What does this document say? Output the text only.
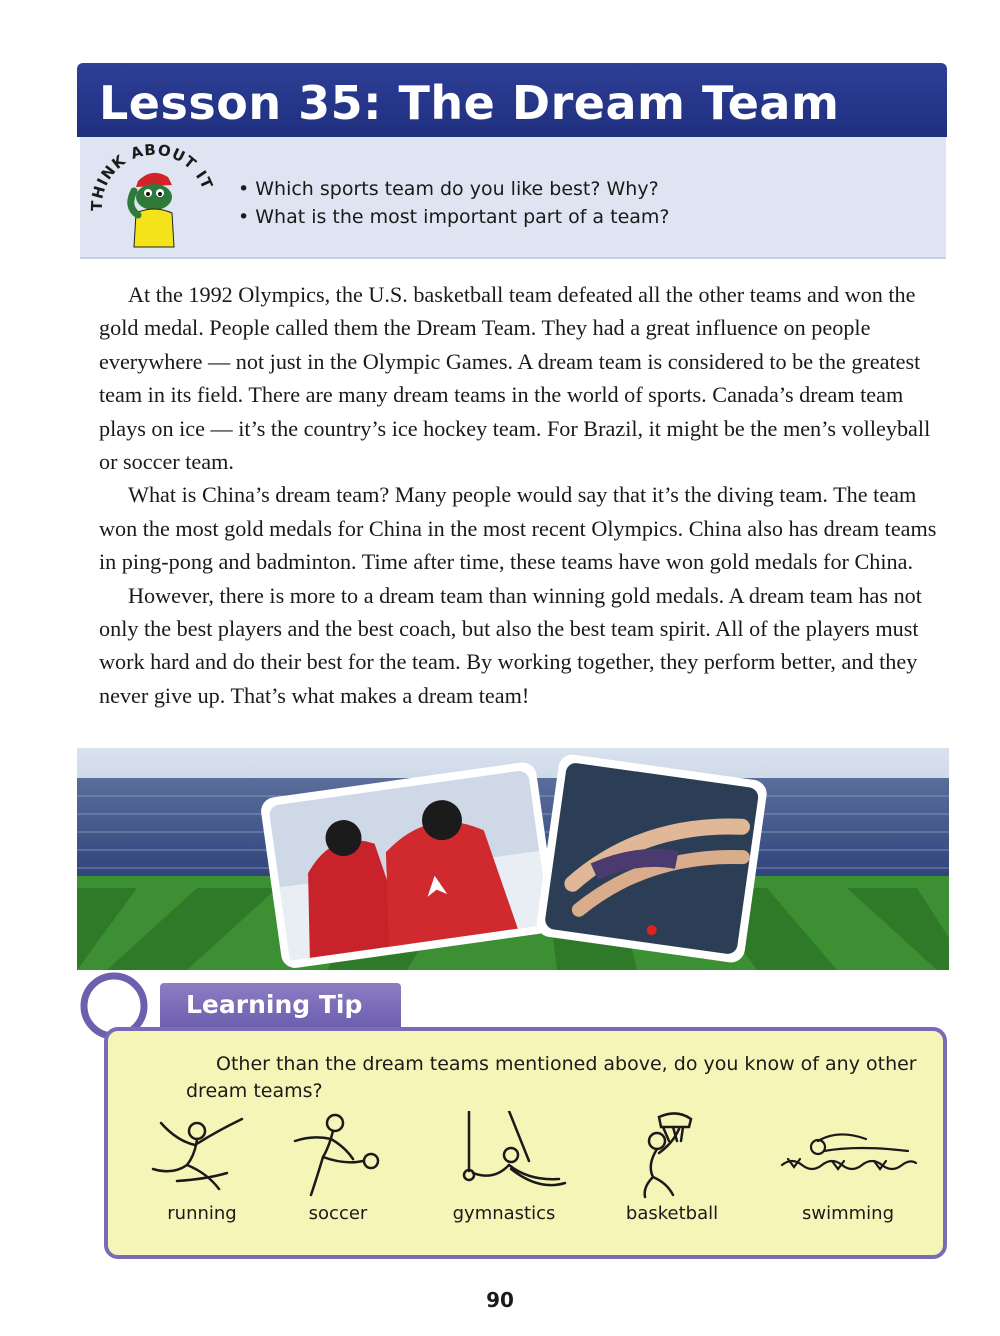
Lesson 35: The Dream Team
THINK ABOUT IT
•	Which sports team do you like best? Why?
• What is the most important part of a team?

At the 1992 Olympics, the U.S. basketball team defeated all the other teams and won the gold medal. People called them the Dream Team. They had a great influence on people everywhere — not just in the Olympic Games. A dream team is considered to be the greatest team in its field. There are many dream teams in the world of sports. Canada’s dream team plays on ice — it’s the country’s ice hockey team. For Brazil, it might be the men’s volleyball or soccer team.

What is China’s dream team? Many people would say that it’s the diving team. The team won the most gold medals for China in the most recent Olympics. China also has dream teams in ping-pong and badminton. Time after time, these teams have won gold medals for China.

However, there is more to a dream team than winning gold medals. A dream team has not only the best players and the best coach, but also the best team spirit. All of the players must work hard and do their best for the team. By working together, they perform better, and they never give up. That’s what makes a dream team!

Learning Tip

Other than the dream teams mentioned above, do you know of any other
dream teams?

running	soccer	gymnastics	basketball	swimming
90
